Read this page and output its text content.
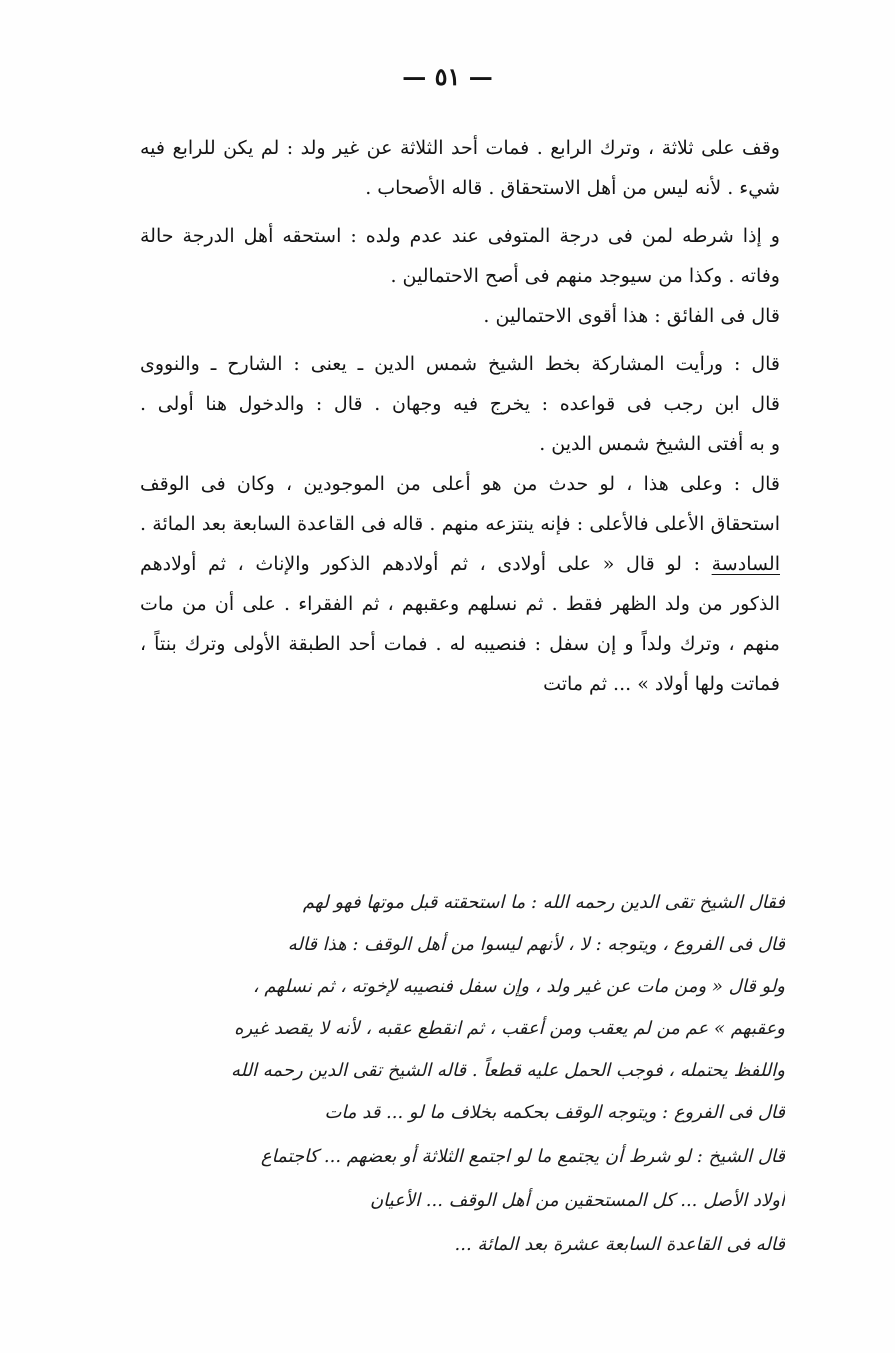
— ٥١ —
وقف على ثلاثة ، وترك الرابع . فمات أحد الثلاثة عن غير ولد : لم يكن للرابع فيه
شيء . لأنه ليس من أهل الاستحقاق . قاله الأصحاب .
و إذا شرطه لمن فى درجة المتوفى عند عدم ولده : استحقه أهل الدرجة حالة
وفاته . وكذا من سيوجد منهم فى أصح الاحتمالين .
قال فى الفائق : هذا أقوى الاحتمالين .
قال : ورأيت المشاركة بخط الشيخ شمس الدين ـ يعنى : الشارح ـ والنووى
قال ابن رجب فى قواعده : يخرج فيه وجهان . قال : والدخول هنا أولى .
و به أفتى الشيخ شمس الدين .
قال : وعلى هذا ، لو حدث من هو أعلى من الموجودين ، وكان فى الوقف
استحقاق الأعلى فالأعلى : فإنه ينتزعه منهم . قاله فى القاعدة السابعة بعد المائة .
السادسة : لو قال « على أولادى ، ثم أولادهم الذكور والإناث ، ثم أولادهم
الذكور من ولد الظهر فقط . ثم نسلهم وعقبهم ، ثم الفقراء . على أن من مات
منهم ، وترك ولداً و إن سفل : فنصيبه له . فمات أحد الطبقة الأولى وترك بنتاً ،
فماتت ولها أولاد » ... ثم ماتت
فقال الشيخ تقى الدين رحمه الله : ما استحقته قبل موتها فهو لهم
قال فى الفروع ، ويتوجه : لا ، لأنهم ليسوا من أهل الوقف : هذا قاله
ولو قال « ومن مات عن غير ولد ، وإن سفل فنصيبه لإخوته ، ثم نسلهم ،
وعقبهم » عم من لم يعقب ومن أعقب ، ثم انقطع عقبه ، لأنه لا يقصد غيره
واللفظ يحتمله ، فوجب الحمل عليه قطعاً . قاله الشيخ تقى الدين رحمه الله
قال فى الفروع : ويتوجه الوقف بحكمه بخلاف ما لو ... قد مات
قال الشيخ : لو شرط أن يجتمع ما لو اجتمع الثلاثة أو بعضهم ... كاجتماع
أولاد الأصل ... كل المستحقين من أهل الوقف ... الأعيان
قاله فى القاعدة السابعة عشرة بعد المائة ...
